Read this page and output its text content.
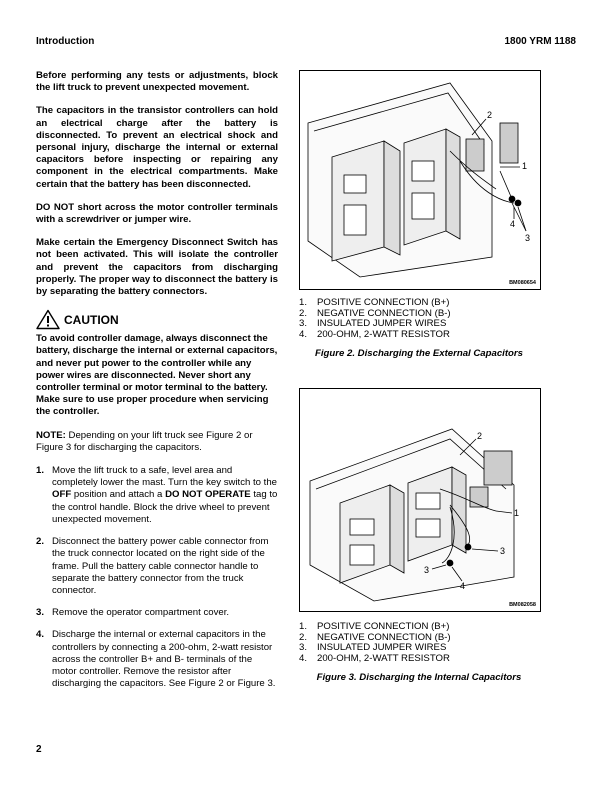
Introduction	1800 YRM 1188

Before performing any tests or adjustments, block the lift truck to prevent unexpected movement.

The capacitors in the transistor controllers can hold an electrical charge after the battery is disconnected. To prevent an electrical shock and personal injury, discharge the internal or external capacitors before inspecting or repairing any component in the electrical compartments. Make certain that the battery has been disconnected.

DO NOT short across the motor controller terminals with a screwdriver or jumper wire.

Make certain the Emergency Disconnect Switch has not been activated. This will isolate the controller and prevent the capacitors from discharging properly. The proper way to disconnect the battery is by separating the battery connectors.

CAUTION

To avoid controller damage, always disconnect the battery, discharge the internal or external capacitors, and never put power to the controller while any power wires are disconnected. Never short any controller terminal or motor terminal to the battery. Make sure to use proper procedure when servicing the controller.

NOTE: Depending on your lift truck see Figure 2 or Figure 3 for discharging the capacitors.

1. Move the lift truck to a safe, level area and completely lower the mast. Turn the key switch to the OFF position and attach a DO NOT OPERATE tag to the control handle. Block the drive wheel to prevent unexpected movement.
2. Disconnect the battery power cable connector from the truck connector located on the right side of the frame. Pull the battery cable connector handle to separate the battery connector from the truck connector.
3. Remove the operator compartment cover.
4. Discharge the internal or external capacitors in the controllers by connecting a 200-ohm, 2-watt resistor across the controller B+ and B- terminals of the motor controller. Remove the resistor after discharging the capacitors. See Figure 2 or Figure 3.
2
1
4
3
BM080654
1.	POSITIVE CONNECTION (B+)
2.	NEGATIVE CONNECTION (B-)
3.	INSULATED JUMPER WIRES
4.	200-OHM, 2-WATT RESISTOR
Figure 2. Discharging the External Capacitors
2
1
3
3
4
BM082058
1.	POSITIVE CONNECTION (B+)
2.	NEGATIVE CONNECTION (B-)
3.	INSULATED JUMPER WIRES
4.	200-OHM, 2-WATT RESISTOR
Figure 3. Discharging the Internal Capacitors
2
